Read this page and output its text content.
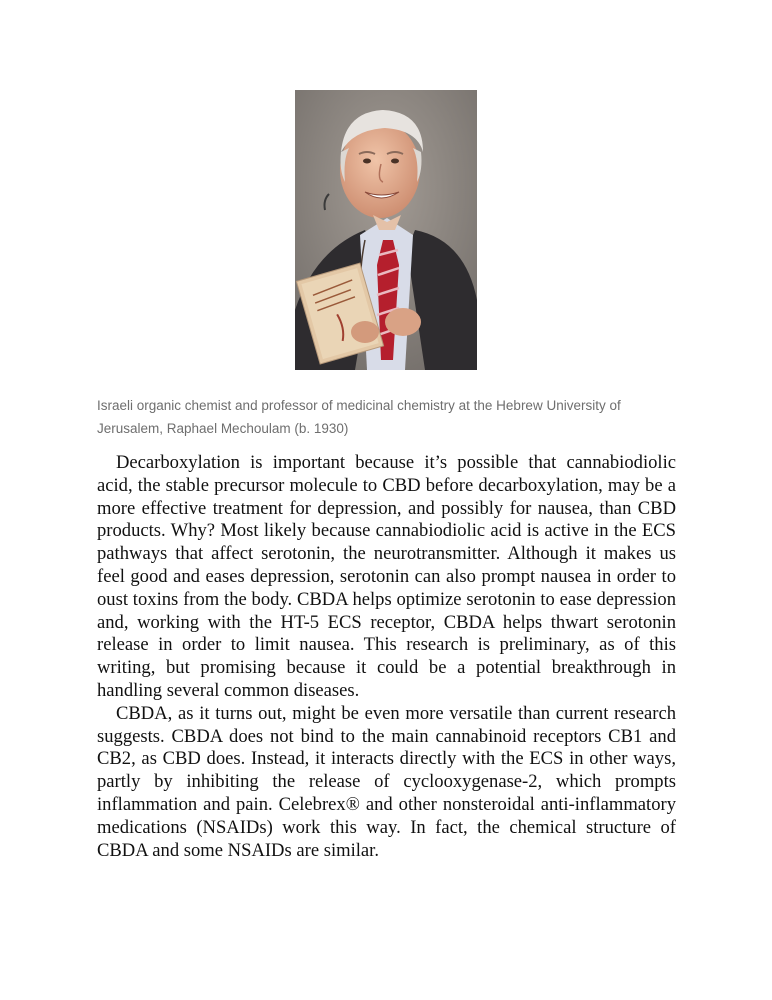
Israeli organic chemist and professor of medicinal chemistry at the Hebrew University of Jerusalem, Raphael Mechoulam (b. 1930)

Decarboxylation is important because it’s possible that cannabiodiolic acid, the stable precursor molecule to CBD before decarboxylation, may be a more effective treatment for depression, and possibly for nausea, than CBD products. Why? Most likely because cannabiodiolic acid is active in the ECS pathways that affect serotonin, the neurotransmitter. Although it makes us feel good and eases depression, serotonin can also prompt nausea in order to oust toxins from the body. CBDA helps optimize serotonin to ease depression and, working with the HT-5 ECS receptor, CBDA helps thwart serotonin release in order to limit nausea. This research is preliminary, as of this writing, but promising because it could be a potential breakthrough in handling several common diseases.

CBDA, as it turns out, might be even more versatile than current research suggests. CBDA does not bind to the main cannabinoid receptors CB1 and CB2, as CBD does. Instead, it interacts directly with the ECS in other ways, partly by inhibiting the release of cyclooxygenase-2, which prompts inflammation and pain. Celebrex® and other nonsteroidal anti-inflammatory medications (NSAIDs) work this way. In fact, the chemical structure of CBDA and some NSAIDs are similar.
